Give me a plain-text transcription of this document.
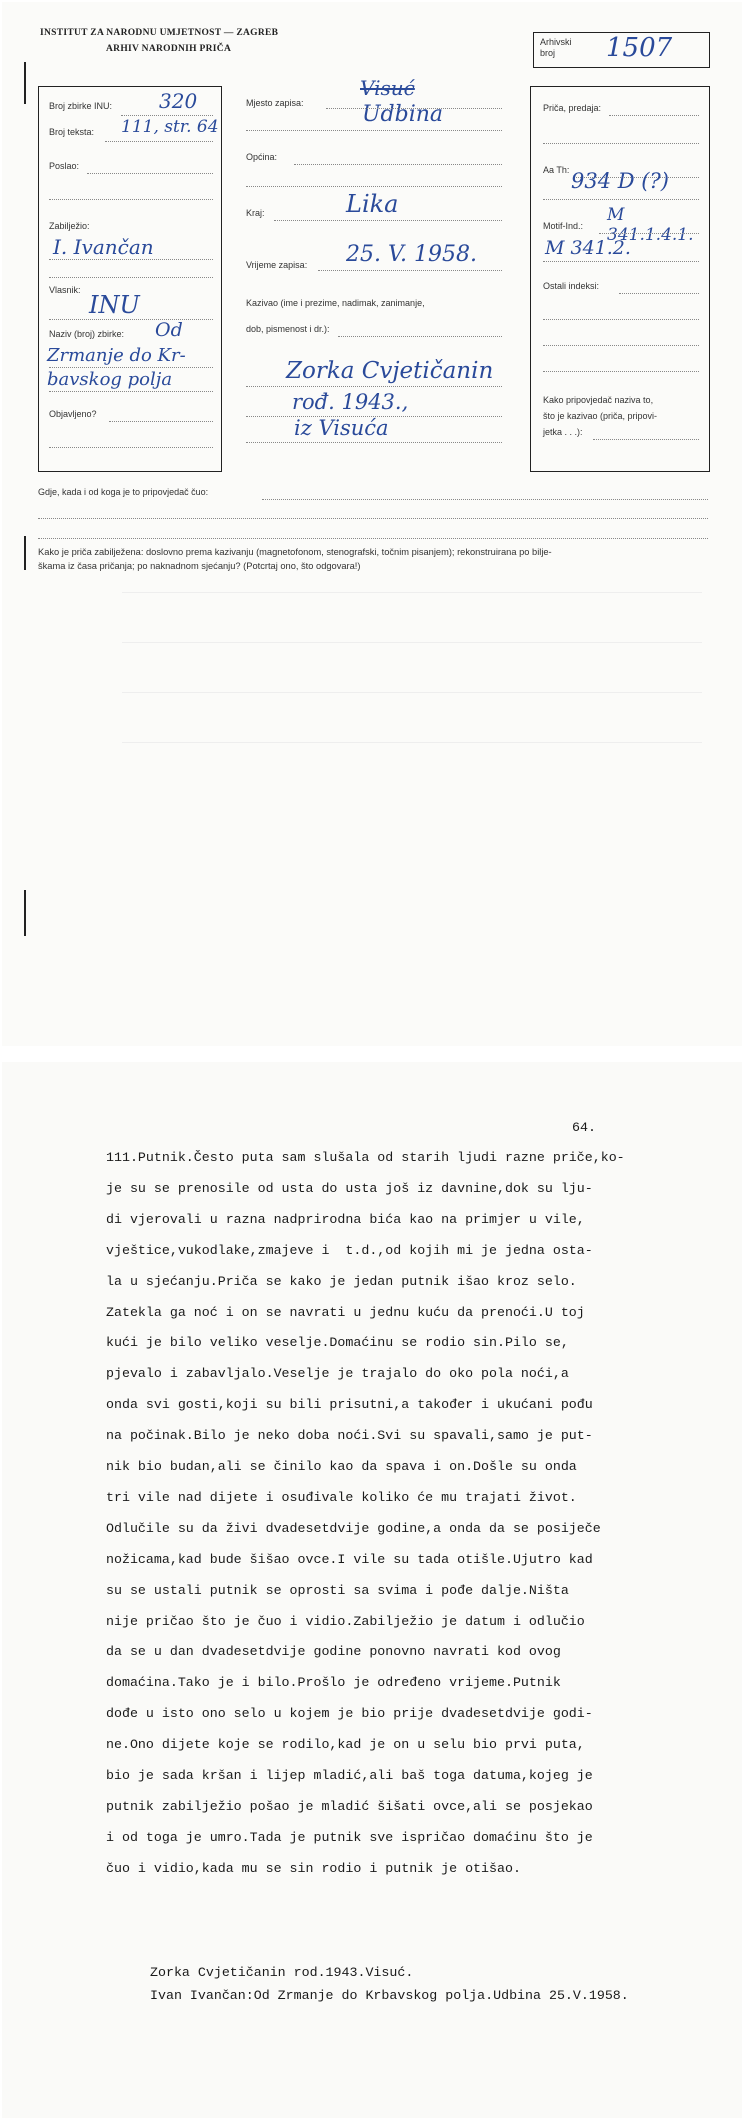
INSTITUT ZA NARODNU UMJETNOST — ZAGREB
ARHIV NARODNIH PRIČA
Arhivski
broj	1507
Broj zbirke INU: 320
Broj teksta: 111, str. 64
Poslao:
Zabilježio:
I. Ivančan
Vlasnik:
INU
Naziv (broj) zbirke: Od
Zrmanje do Kr-
bavskog polja
Objavljeno?
Mjesto zapisa:
Visuć
Udbina
Općina:
Kraj:	Lika
Vrijeme zapisa: 25. V. 1958.
Kazivao (ime i prezime, nadimak, zanimanje,
dob, pismenost i dr.):
Zorka Cvjetičanin
rođ. 1943.,
iz Visuća
Priča, predaja:
Aa Th: 934 D (?)
Motif-Ind.:
M 341.1.4.1.
M 341.2.
Ostali indeksi:
Kako pripovjedač naziva to,
što je kazivao (priča, pripovi-
jetka . . .):
Gdje, kada i od koga je to pripovjedač čuo:
Kako je priča zabilježena: doslovno prema kazivanju (magnetofonom, stenografski, točnim pisanjem); rekonstruirana po bilje-
škama iz časa pričanja; po naknadnom sjećanju? (Potcrtaj ono, što odgovara!)
64.
111.Putnik.Često puta sam slušala od starih ljudi razne priče,ko-
je su se prenosile od usta do usta još iz davnine,dok su lju-
di vjerovali u razna nadprirodna bića kao na primjer u vile,
vještice,vukodlake,zmajeve i  t.d.,od kojih mi je jedna osta-
la u sjećanju.Priča se kako je jedan putnik išao kroz selo.
Zatekla ga noć i on se navrati u jednu kuću da prenoći.U toj
kući je bilo veliko veselje.Domaćinu se rodio sin.Pilo se,
pjevalo i zabavljalo.Veselje je trajalo do oko pola noći,a
onda svi gosti,koji su bili prisutni,a također i ukućani pođu
na počinak.Bilo je neko doba noći.Svi su spavali,samo je put-
nik bio budan,ali se činilo kao da spava i on.Došle su onda
tri vile nad dijete i osuđivale koliko će mu trajati život.
Odlučile su da živi dvadesetdvije godine,a onda da se posiječe
nožicama,kad bude šišao ovce.I vile su tada otišle.Ujutro kad
su se ustali putnik se oprosti sa svima i pođe dalje.Ništa
nije pričao što je čuo i vidio.Zabilježio je datum i odlučio
da se u dan dvadesetdvije godine ponovno navrati kod ovog
domaćina.Tako je i bilo.Prošlo je određeno vrijeme.Putnik
dođe u isto ono selo u kojem je bio prije dvadesetdvije godi-
ne.Ono dijete koje se rodilo,kad je on u selu bio prvi puta,
bio je sada kršan i lijep mladić,ali baš toga datuma,kojeg je
putnik zabilježio pošao je mladić šišati ovce,ali se posjekao
i od toga je umro.Tada je putnik sve ispričao domaćinu što je
čuo i vidio,kada mu se sin rodio i putnik je otišao.
Zorka Cvjetičanin rod.1943.Visuć.
Ivan Ivančan:Od Zrmanje do Krbavskog polja.Udbina 25.V.1958.
